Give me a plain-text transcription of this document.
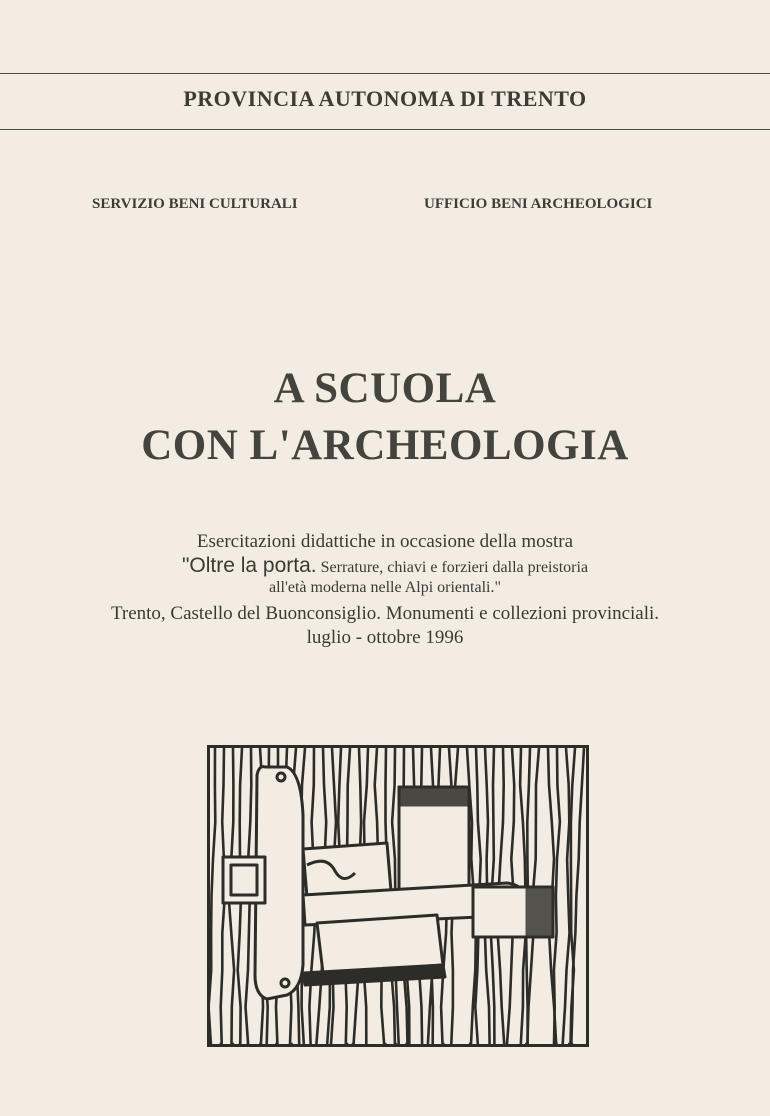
PROVINCIA AUTONOMA DI TRENTO
SERVIZIO BENI CULTURALI	UFFICIO BENI ARCHEOLOGICI
A SCUOLA
CON L'ARCHEOLOGIA
Esercitazioni didattiche in occasione della mostra
"Oltre la porta. Serrature, chiavi e forzieri dalla preistoria
all'età moderna nelle Alpi orientali."
Trento, Castello del Buonconsiglio. Monumenti e collezioni provinciali.
luglio - ottobre 1996
